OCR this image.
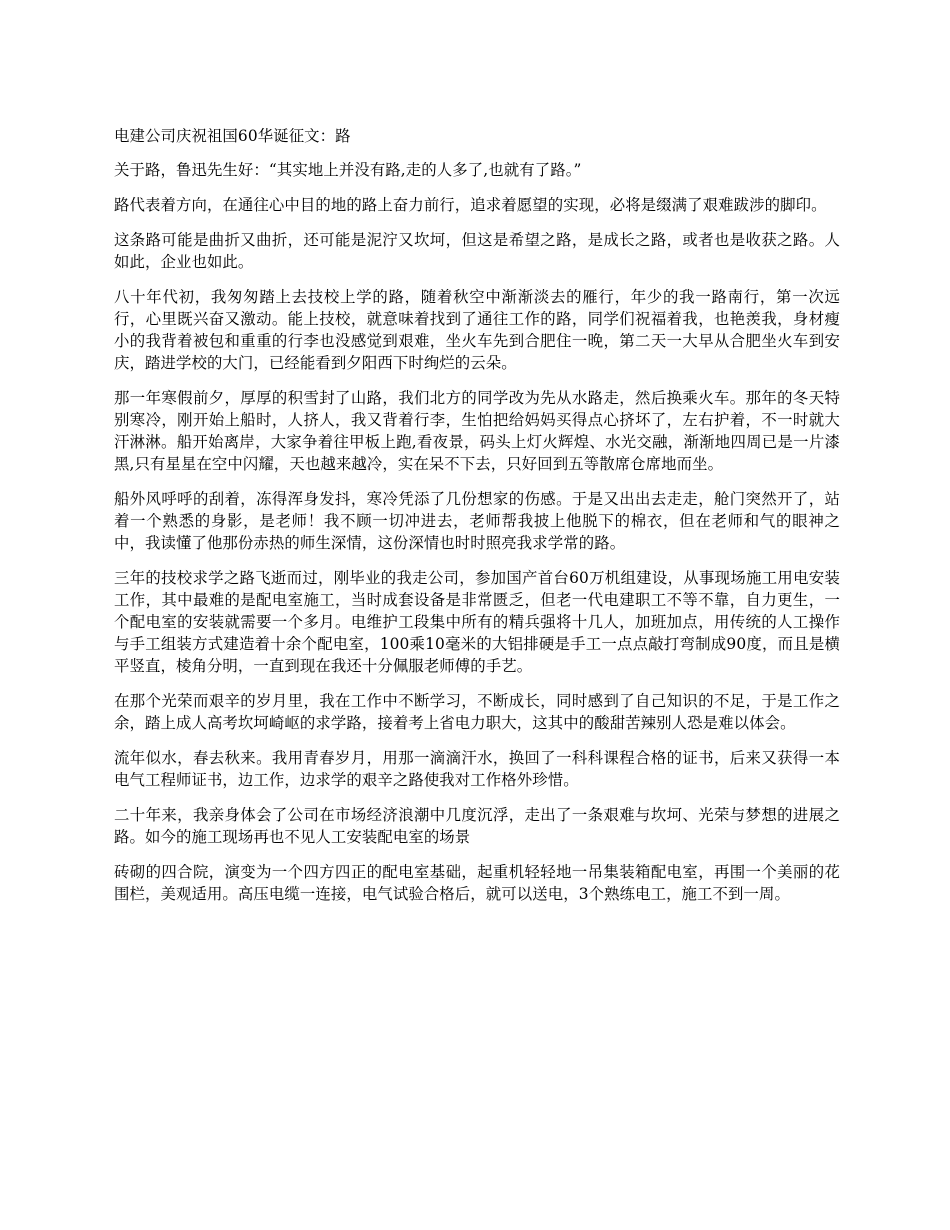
电建公司庆祝祖国60华诞征文：路

关于路，鲁迅先生好：“其实地上并没有路,走的人多了,也就有了路。”

路代表着方向，在通往心中目的地的路上奋力前行，追求着愿望的实现，必将是缀满了艰难跋涉的脚印。

这条路可能是曲折又曲折，还可能是泥泞又坎坷，但这是希望之路，是成长之路，或者也是收获之路。人如此，企业也如此。

八十年代初，我匆匆踏上去技校上学的路，随着秋空中渐渐淡去的雁行，年少的我一路南行，第一次远行，心里既兴奋又激动。能上技校，就意味着找到了通往工作的路，同学们祝福着我，也艳羡我，身材瘦小的我背着被包和重重的行李也没感觉到艰难，坐火车先到合肥住一晚，第二天一大早从合肥坐火车到安庆，踏进学校的大门，已经能看到夕阳西下时绚烂的云朵。

那一年寒假前夕，厚厚的积雪封了山路，我们北方的同学改为先从水路走，然后换乘火车。那年的冬天特别寒冷，刚开始上船时，人挤人，我又背着行李，生怕把给妈妈买得点心挤坏了，左右护着，不一时就大汗淋淋。船开始离岸，大家争着往甲板上跑,看夜景，码头上灯火辉煌、水光交融，渐渐地四周已是一片漆黑,只有星星在空中闪耀，天也越来越冷，实在呆不下去，只好回到五等散席仓席地而坐。

船外风呼呼的刮着，冻得浑身发抖，寒冷凭添了几份想家的伤感。于是又出出去走走，舱门突然开了，站着一个熟悉的身影，是老师！我不顾一切冲进去，老师帮我披上他脱下的棉衣，但在老师和气的眼神之中，我读懂了他那份赤热的师生深情，这份深情也时时照亮我求学常的路。

三年的技校求学之路飞逝而过，刚毕业的我走公司，参加国产首台60万机组建设，从事现场施工用电安装工作，其中最难的是配电室施工，当时成套设备是非常匮乏，但老一代电建职工不等不靠，自力更生，一个配电室的安装就需要一个多月。电维护工段集中所有的精兵强将十几人，加班加点，用传统的人工操作与手工组装方式建造着十余个配电室，100乘10毫米的大铝排硬是手工一点点敲打弯制成90度，而且是横平竖直，棱角分明，一直到现在我还十分佩服老师傅的手艺。

在那个光荣而艰辛的岁月里，我在工作中不断学习，不断成长，同时感到了自己知识的不足，于是工作之余，踏上成人高考坎坷崎岖的求学路，接着考上省电力职大，这其中的酸甜苦辣别人恐是难以体会。

流年似水，春去秋来。我用青春岁月，用那一滴滴汗水，换回了一科科课程合格的证书，后来又获得一本电气工程师证书，边工作，边求学的艰辛之路使我对工作格外珍惜。

二十年来，我亲身体会了公司在市场经济浪潮中几度沉浮，走出了一条艰难与坎坷、光荣与梦想的进展之路。如今的施工现场再也不见人工安装配电室的场景

砖砌的四合院，演变为一个四方四正的配电室基础，起重机轻轻地一吊集装箱配电室，再围一个美丽的花围栏，美观适用。高压电缆一连接，电气试验合格后，就可以送电，3个熟练电工，施工不到一周。
